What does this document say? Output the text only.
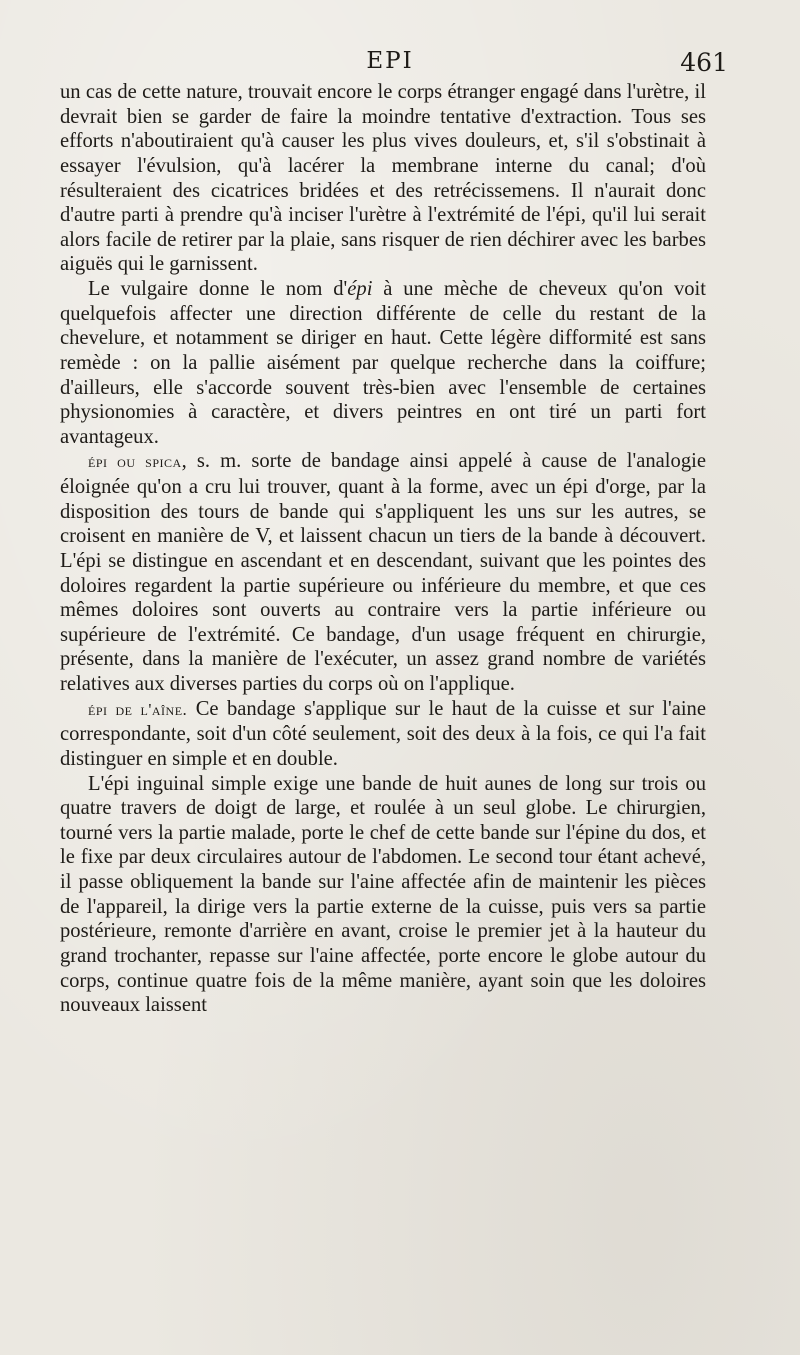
EPI	461

un cas de cette nature, trouvait encore le corps étranger engagé dans l'urètre, il devrait bien se garder de faire la moindre tentative d'extraction. Tous ses efforts n'aboutiraient qu'à causer les plus vives douleurs, et, s'il s'obstinait à essayer l'évulsion, qu'à lacérer la membrane interne du canal; d'où résulteraient des cicatrices bridées et des retrécissemens. Il n'aurait donc d'autre parti à prendre qu'à inciser l'urètre à l'extrémité de l'épi, qu'il lui serait alors facile de retirer par la plaie, sans risquer de rien déchirer avec les barbes aiguës qui le garnissent.

Le vulgaire donne le nom d'épi à une mèche de cheveux qu'on voit quelquefois affecter une direction différente de celle du restant de la chevelure, et notamment se diriger en haut. Cette légère difformité est sans remède : on la pallie aisément par quelque recherche dans la coiffure; d'ailleurs, elle s'accorde souvent très-bien avec l'ensemble de certaines physionomies à caractère, et divers peintres en ont tiré un parti fort avantageux.

épi ou spica, s. m. sorte de bandage ainsi appelé à cause de l'analogie éloignée qu'on a cru lui trouver, quant à la forme, avec un épi d'orge, par la disposition des tours de bande qui s'appliquent les uns sur les autres, se croisent en manière de V, et laissent chacun un tiers de la bande à découvert. L'épi se distingue en ascendant et en descendant, suivant que les pointes des doloires regardent la partie supérieure ou inférieure du membre, et que ces mêmes doloires sont ouverts au contraire vers la partie inférieure ou supérieure de l'extrémité. Ce bandage, d'un usage fréquent en chirurgie, présente, dans la manière de l'exécuter, un assez grand nombre de variétés relatives aux diverses parties du corps où on l'applique.

épi de l'aîne. Ce bandage s'applique sur le haut de la cuisse et sur l'aine correspondante, soit d'un côté seulement, soit des deux à la fois, ce qui l'a fait distinguer en simple et en double.

L'épi inguinal simple exige une bande de huit aunes de long sur trois ou quatre travers de doigt de large, et roulée à un seul globe. Le chirurgien, tourné vers la partie malade, porte le chef de cette bande sur l'épine du dos, et le fixe par deux circulaires autour de l'abdomen. Le second tour étant achevé, il passe obliquement la bande sur l'aine affectée afin de maintenir les pièces de l'appareil, la dirige vers la partie externe de la cuisse, puis vers sa partie postérieure, remonte d'arrière en avant, croise le premier jet à la hauteur du grand trochanter, repasse sur l'aine affectée, porte encore le globe autour du corps, continue quatre fois de la même manière, ayant soin que les doloires nouveaux laissent
